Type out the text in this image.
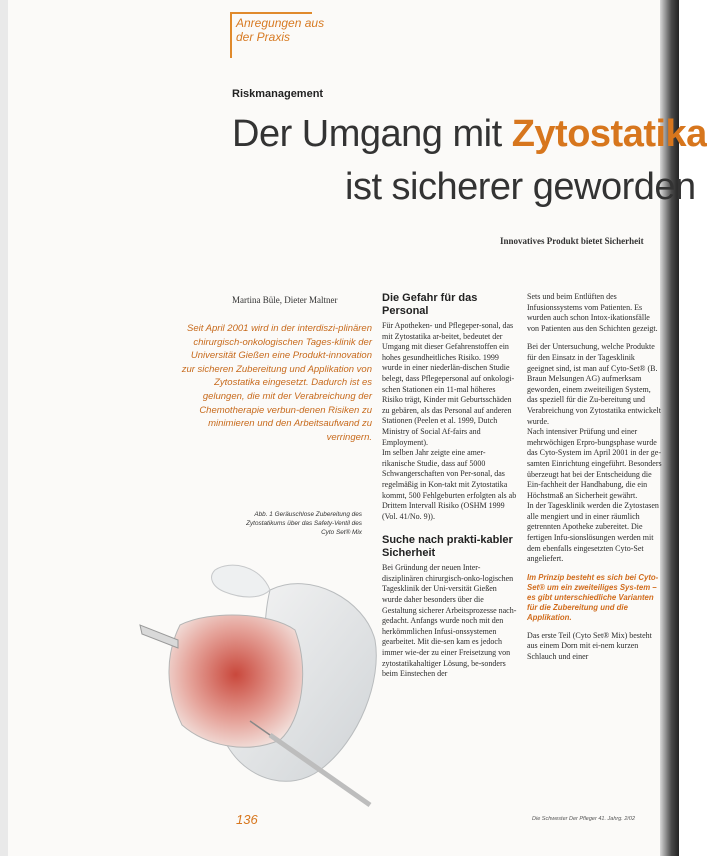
Anregungen aus
der Praxis
Riskmanagement
Der Umgang mit Zytostatika
ist sicherer geworden
Innovatives Produkt bietet Sicherheit
Martina Büle, Dieter Maltner
Seit April 2001 wird in der interdiszi-plinären chirurgisch-onkologischen Tages-klinik der Universität Gießen eine Produkt-innovation zur sicheren Zubereitung und Applikation von Zytostatika eingesetzt. Dadurch ist es gelungen, die mit der Verabreichung der Chemotherapie verbun-denen Risiken zu minimieren und den Arbeitsaufwand zu verringern.
Abb. 1 Geräuschlose Zubereitung des Zytostatikums über das Safety-Ventil des Cyto Set® Mix
Die Gefahr für das Personal

Für Apotheken- und Pflegeper-sonal, das mit Zytostatika ar-beitet, bedeutet der Umgang mit dieser Gefahrenstoffen ein hohes gesundheitliches Risiko. 1999 wurde in einer niederlän-dischen Studie belegt, dass Pflegepersonal auf onkologi-schen Stationen ein 11-mal höheres Risiko trägt, Kinder mit Geburtsschäden zu gebären, als das Personal auf anderen Stationen (Peelen et al. 1999, Dutch Ministry of Social Af-fairs and Employment).

Im selben Jahr zeigte eine amer-rikanische Studie, dass auf 5000 Schwangerschaften von Per-sonal, das regelmäßig in Kon-takt mit Zytostatika kommt, 500 Fehlgeburten erfolgten als ab Drittem Intervall Risiko (OSHM 1999 (Vol. 41/No. 9)).

Suche nach prakti-kabler Sicherheit

Bei Gründung der neuen Inter-disziplinären chirurgisch-onko-logischen Tagesklinik der Uni-versität Gießen wurde daher besonders über die Gestaltung sicherer Arbeitsprozesse nach-gedacht. Anfangs wurde noch mit den herkömmlichen Infusi-onssystemen gearbeitet. Mit die-sen kam es jedoch immer wie-der zu einer Freisetzung von zytostatikahaltiger Lösung, be-sonders beim Einstechen der

Sets und beim Entlüften des Infusionssystems vom Patienten. Es wurden auch schon Intox-ikationsfälle von Patienten aus den Schichten gezeigt.

Bei der Untersuchung, welche Produkte für den Einsatz in der Tagesklinik geeignet sind, ist man auf Cyto-Set® (B. Braun Melsungen AG) aufmerksam geworden, einem zweiteiligen System, das speziell für die Zu-bereitung und Verabreichung von Zytostatika entwickelt wurde.

Nach intensiver Prüfung und einer mehrwöchigen Erpro-bungsphase wurde das Cyto-System im April 2001 in der ge-samten Einrichtung eingeführt. Besonders überzeugt hat bei der Entscheidung die Ein-fachheit der Handhabung, die ein Höchstmaß an Sicherheit gewährt.

In der Tagesklinik werden die Zytostasen alle mengiert und in einer räumlich getrennten Apotheke zubereitet. Die fertigen Infu-sionslösungen werden mit dem ebenfalls eingesetzten Cyto-Set angeliefert.

Im Prinzip besteht es sich bei Cyto-Set® um ein zweiteiliges Sys-tem – es gibt unterschiedliche Varianten für die Zubereitung und die Applikation.

Das erste Teil (Cyto Set® Mix) besteht aus einem Dorn mit ei-nem kurzen Schlauch und einer

136	Die Schwester Der Pfleger 41. Jahrg. 2/02
